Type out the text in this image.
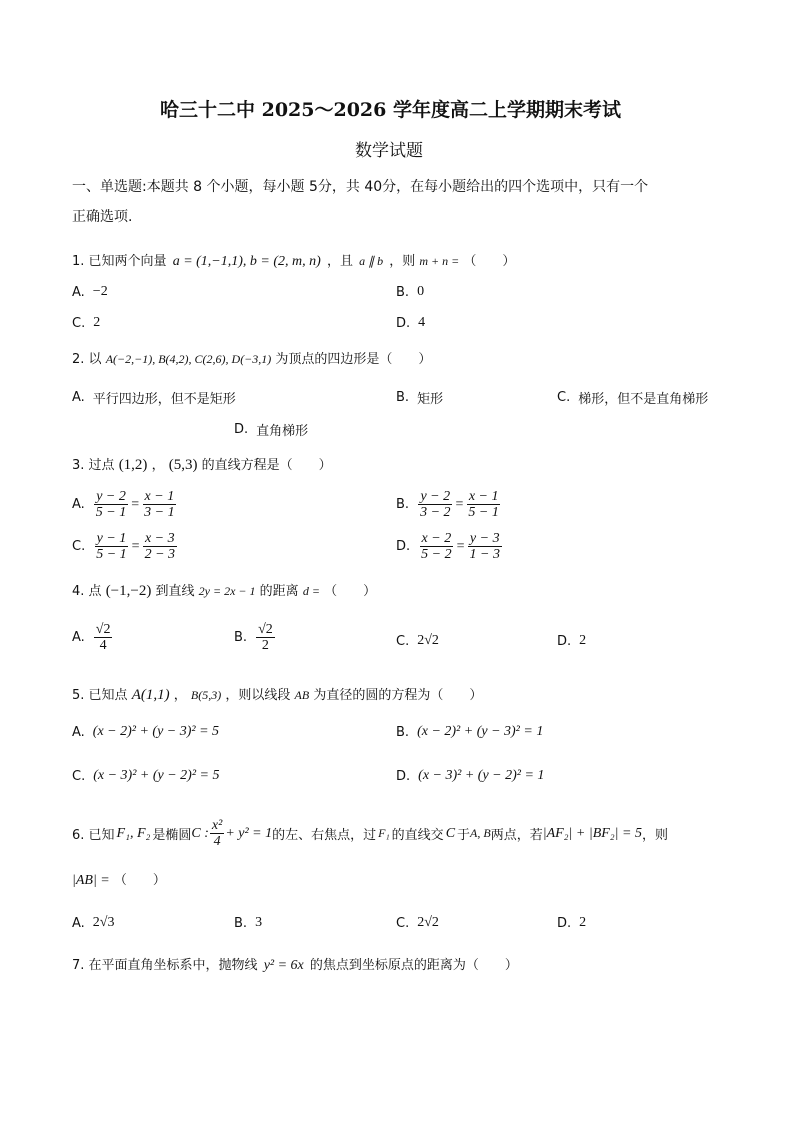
哈三十二中 2025～2026 学年度高二上学期期末考试
数学试题
一、单选题:本题共 8 个小题，每小题 5分，共 40分，在每小题给出的四个选项中，只有一个
正确选项.
1. 已知两个向量 a = (1,−1,1), b = (2, m, n) ，且 a ∥ b ，则 m + n = （　　）
A. −2	B. 0
C. 2	D. 4
2. 以 A(−2,−1), B(4,2), C(2,6), D(−3,1) 为顶点的四边形是（　　）
A. 平行四边形，但不是矩形	B. 矩形	C. 梯形，但不是直角梯形
D. 直角梯形
3. 过点 (1,2) ， (5,3) 的直线方程是（　　）
A. $\frac{y - 2}{5 - 1} = \frac{x - 1}{3 - 1}$	B. $\frac{y - 2}{3 - 2} = \frac{x - 1}{5 - 1}$
C. $\frac{y - 1}{5 - 1} = \frac{x - 3}{2 - 3}$	D. $\frac{x - 2}{5 - 2} = \frac{y - 3}{1 - 3}$
4. 点 (−1,−2) 到直线 2y = 2x − 1 的距离 d = （　　）
A. $\frac{√2}{4}$	B. $\frac{√2}{2}$	C. 2√2	D. 2
5. 已知点 A(1,1) ， B(5,3) ，则以线段 AB 为直径的圆的方程为（　　）
A. (x − 2)² + (y − 3)² = 5	B. (x − 2)² + (y − 3)² = 1
C. (x − 3)² + (y − 2)² = 5	D. (x − 3)² + (y − 2)² = 1
6. 已知 F₁, F₂ 是椭圆 C : $\frac{\text{x²}}{4} + y^2 = 1$ 的左、右焦点，过 F₁ 的直线交 C 于 A, B 两点，若 |AF₂| + |BF₂| = 5 ，则
|AB| = （　　）
A. 2√3	B. 3	C. 2√2	D. 2
7. 在平面直角坐标系中，抛物线 y² = 6x 的焦点到坐标原点的距离为（　　）
